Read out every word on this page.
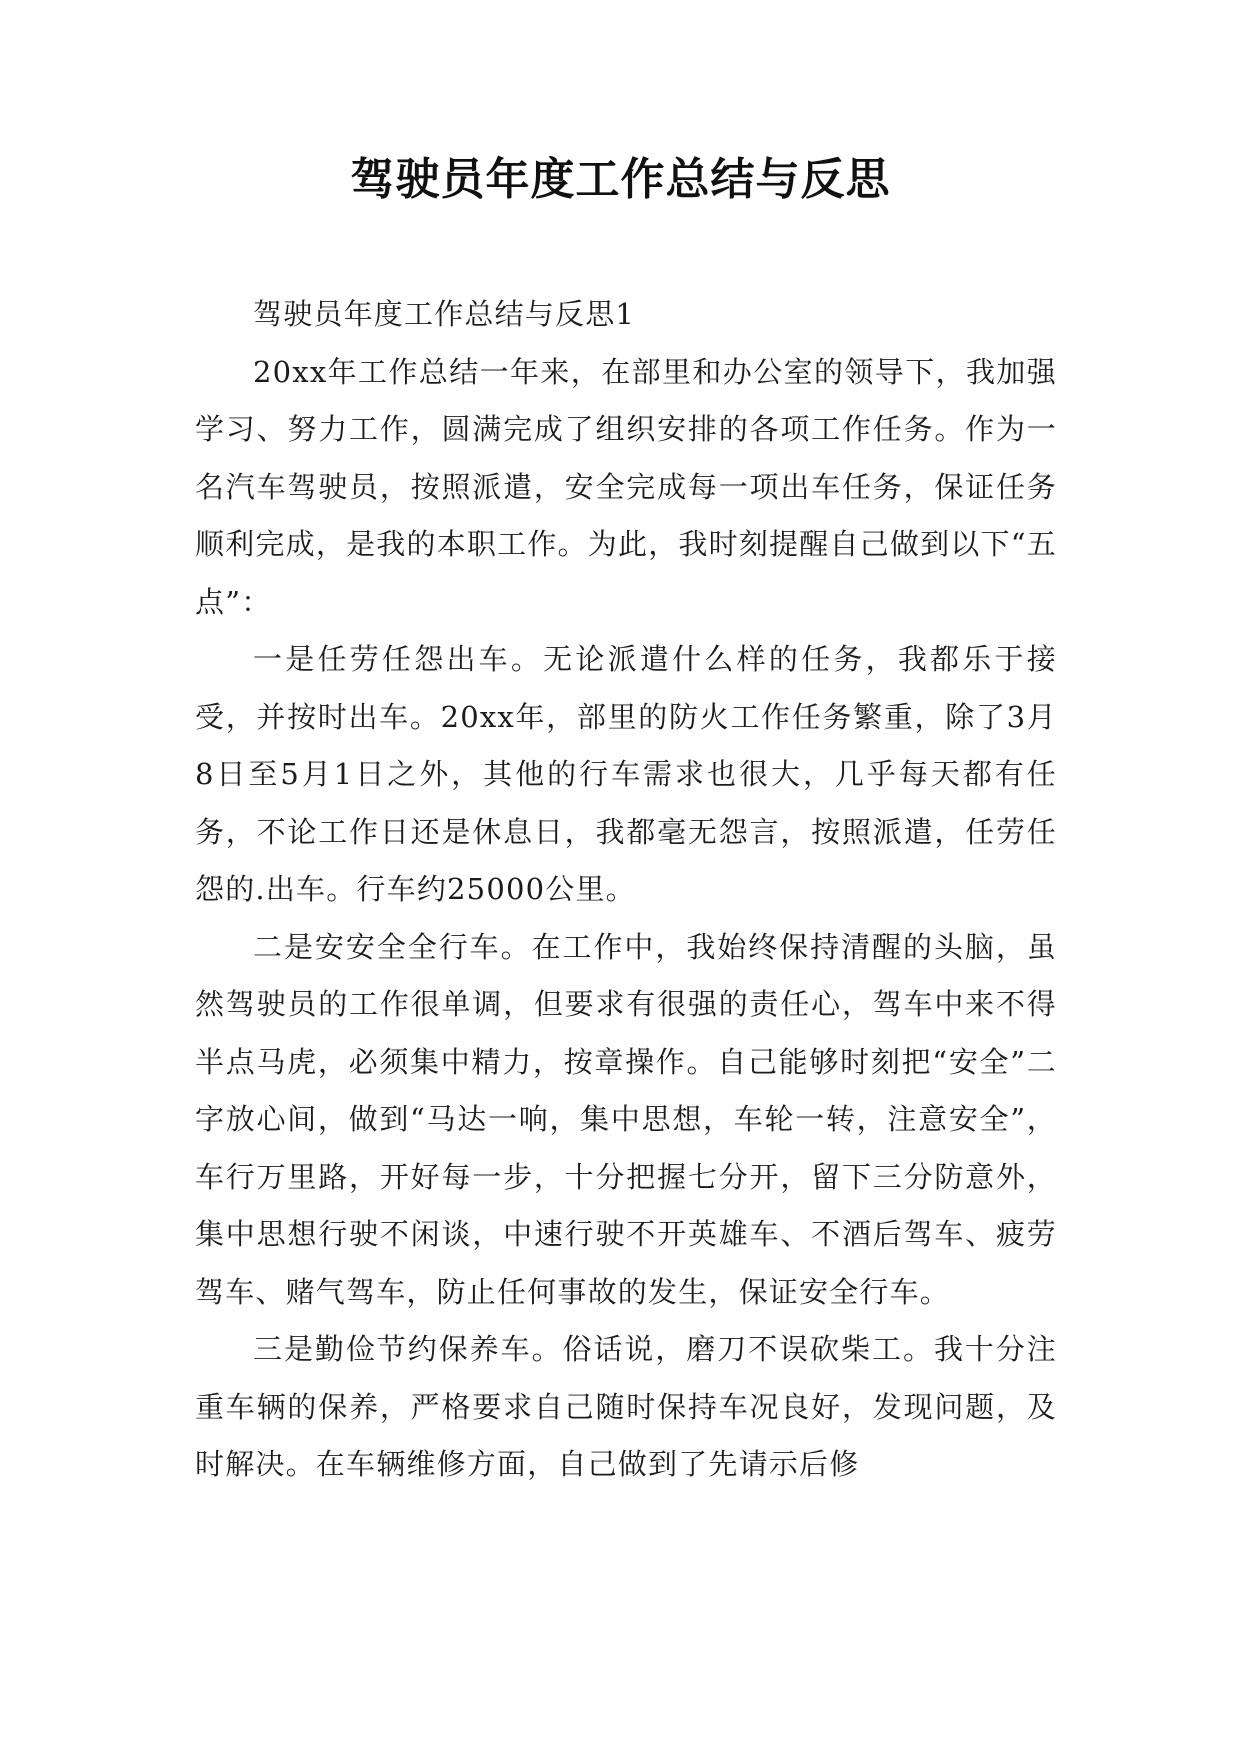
驾驶员年度工作总结与反思

驾驶员年度工作总结与反思1

20xx年工作总结一年来，在部里和办公室的领导下，我加强学习、努力工作，圆满完成了组织安排的各项工作任务。作为一名汽车驾驶员，按照派遣，安全完成每一项出车任务，保证任务顺利完成，是我的本职工作。为此，我时刻提醒自己做到以下“五点”：

一是任劳任怨出车。无论派遣什么样的任务，我都乐于接受，并按时出车。20xx年，部里的防火工作任务繁重，除了3月8日至5月1日之外，其他的行车需求也很大，几乎每天都有任务，不论工作日还是休息日，我都毫无怨言，按照派遣，任劳任怨的.出车。行车约25000公里。

二是安安全全行车。在工作中，我始终保持清醒的头脑，虽然驾驶员的工作很单调，但要求有很强的责任心，驾车中来不得半点马虎，必须集中精力，按章操作。自己能够时刻把“安全”二字放心间，做到“马达一响，集中思想，车轮一转，注意安全”，车行万里路，开好每一步，十分把握七分开，留下三分防意外，集中思想行驶不闲谈，中速行驶不开英雄车、不酒后驾车、疲劳驾车、赌气驾车，防止任何事故的发生，保证安全行车。

三是勤俭节约保养车。俗话说，磨刀不误砍柴工。我十分注重车辆的保养，严格要求自己随时保持车况良好，发现问题，及时解决。在车辆维修方面，自己做到了先请示后修
